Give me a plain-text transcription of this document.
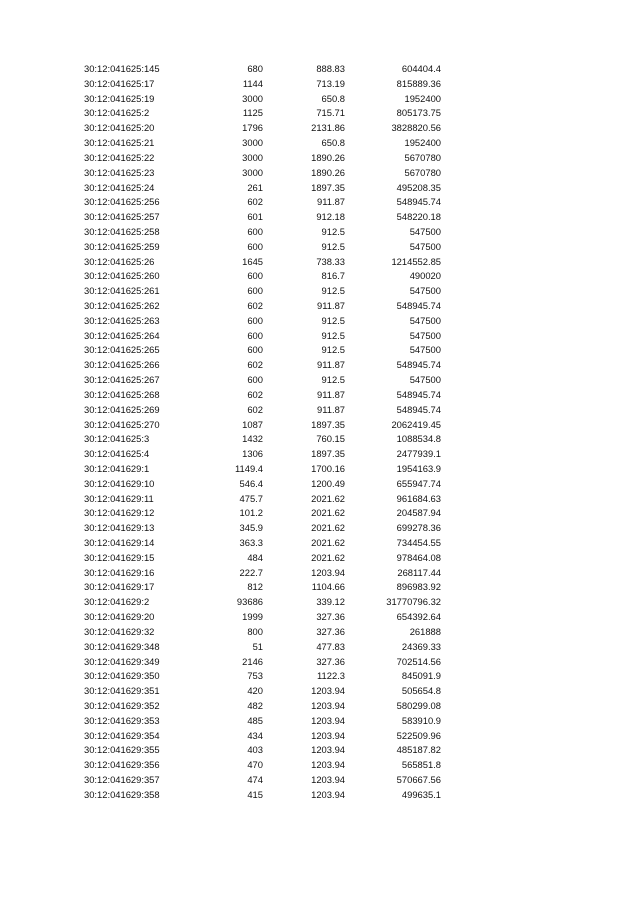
30:12:041625:145	680	888.83	604404.4
30:12:041625:17	1144	713.19	815889.36
30:12:041625:19	3000	650.8	1952400
30:12:041625:2	1125	715.71	805173.75
30:12:041625:20	1796	2131.86	3828820.56
30:12:041625:21	3000	650.8	1952400
30:12:041625:22	3000	1890.26	5670780
30:12:041625:23	3000	1890.26	5670780
30:12:041625:24	261	1897.35	495208.35
30:12:041625:256	602	911.87	548945.74
30:12:041625:257	601	912.18	548220.18
30:12:041625:258	600	912.5	547500
30:12:041625:259	600	912.5	547500
30:12:041625:26	1645	738.33	1214552.85
30:12:041625:260	600	816.7	490020
30:12:041625:261	600	912.5	547500
30:12:041625:262	602	911.87	548945.74
30:12:041625:263	600	912.5	547500
30:12:041625:264	600	912.5	547500
30:12:041625:265	600	912.5	547500
30:12:041625:266	602	911.87	548945.74
30:12:041625:267	600	912.5	547500
30:12:041625:268	602	911.87	548945.74
30:12:041625:269	602	911.87	548945.74
30:12:041625:270	1087	1897.35	2062419.45
30:12:041625:3	1432	760.15	1088534.8
30:12:041625:4	1306	1897.35	2477939.1
30:12:041629:1	1149.4	1700.16	1954163.9
30:12:041629:10	546.4	1200.49	655947.74
30:12:041629:11	475.7	2021.62	961684.63
30:12:041629:12	101.2	2021.62	204587.94
30:12:041629:13	345.9	2021.62	699278.36
30:12:041629:14	363.3	2021.62	734454.55
30:12:041629:15	484	2021.62	978464.08
30:12:041629:16	222.7	1203.94	268117.44
30:12:041629:17	812	1104.66	896983.92
30:12:041629:2	93686	339.12	31770796.32
30:12:041629:20	1999	327.36	654392.64
30:12:041629:32	800	327.36	261888
30:12:041629:348	51	477.83	24369.33
30:12:041629:349	2146	327.36	702514.56
30:12:041629:350	753	1122.3	845091.9
30:12:041629:351	420	1203.94	505654.8
30:12:041629:352	482	1203.94	580299.08
30:12:041629:353	485	1203.94	583910.9
30:12:041629:354	434	1203.94	522509.96
30:12:041629:355	403	1203.94	485187.82
30:12:041629:356	470	1203.94	565851.8
30:12:041629:357	474	1203.94	570667.56
30:12:041629:358	415	1203.94	499635.1
